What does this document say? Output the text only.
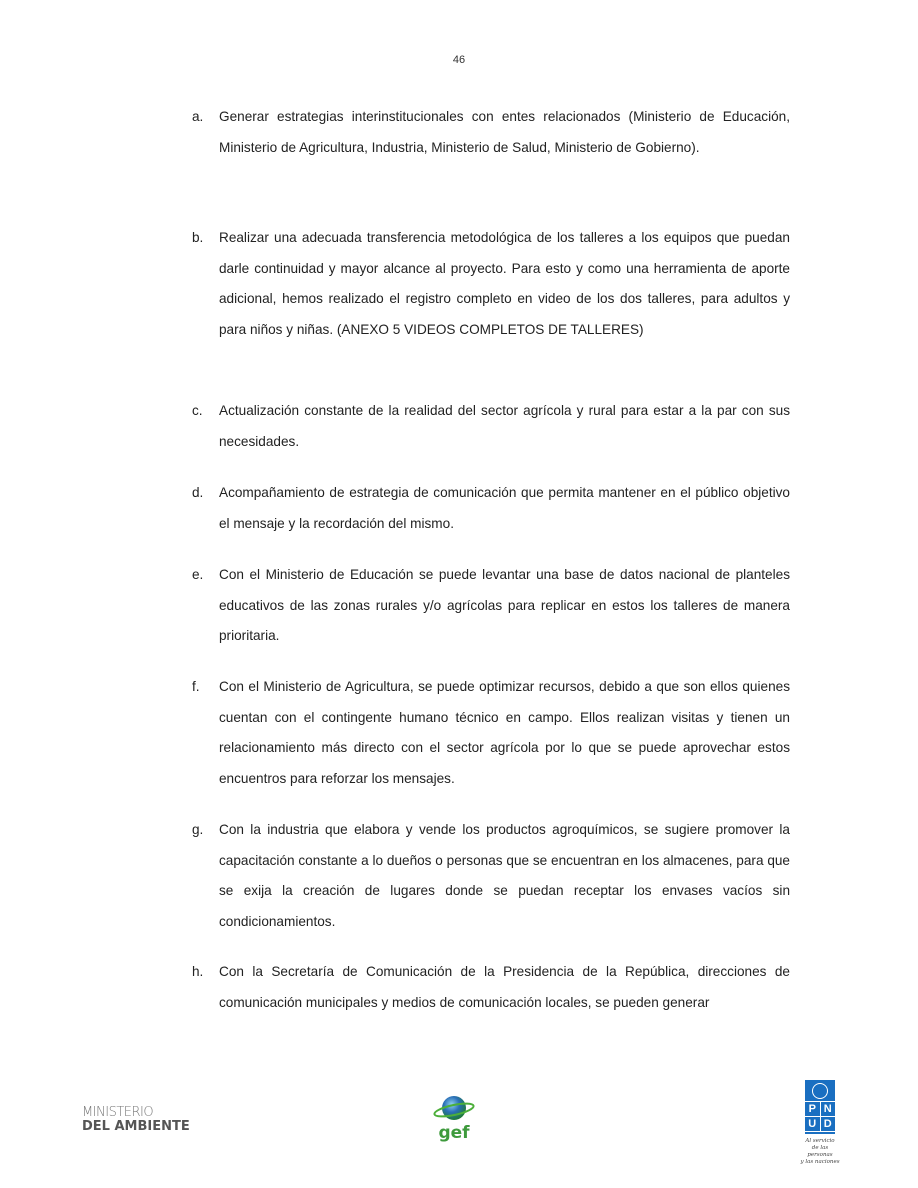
46
a. Generar estrategias interinstitucionales con entes relacionados (Ministerio de Educación, Ministerio de Agricultura, Industria, Ministerio de Salud, Ministerio de Gobierno).
b. Realizar una adecuada transferencia metodológica de los talleres a los equipos que puedan darle continuidad y mayor alcance al proyecto. Para esto y como una herramienta de aporte adicional, hemos realizado el registro completo en video de los dos talleres, para adultos y para niños y niñas. (ANEXO 5 VIDEOS COMPLETOS DE TALLERES)
c. Actualización constante de la realidad del sector agrícola y rural para estar a la par con sus necesidades.
d. Acompañamiento de estrategia de comunicación que permita mantener en el público objetivo el mensaje y la recordación del mismo.
e. Con el Ministerio de Educación se puede levantar una base de datos nacional de planteles educativos de las zonas rurales y/o agrícolas para replicar en estos los talleres de manera prioritaria.
f. Con el Ministerio de Agricultura, se puede optimizar recursos, debido a que son ellos quienes cuentan con el contingente humano técnico en campo. Ellos realizan visitas y tienen un relacionamiento más directo con el sector agrícola por lo que se puede aprovechar estos encuentros para reforzar los mensajes.
g. Con la industria que elabora y vende los productos agroquímicos, se sugiere promover la capacitación constante a lo dueños o personas que se encuentran en los almacenes, para que se exija la creación de lugares donde se puedan receptar los envases vacíos sin condicionamientos.
h. Con la Secretaría de Comunicación de la Presidencia de la República, direcciones de comunicación municipales y medios de comunicación locales, se pueden generar
MINISTERIO
DEL AMBIENTE	gef
P N
U D
Al servicio
de las personas
y las naciones
